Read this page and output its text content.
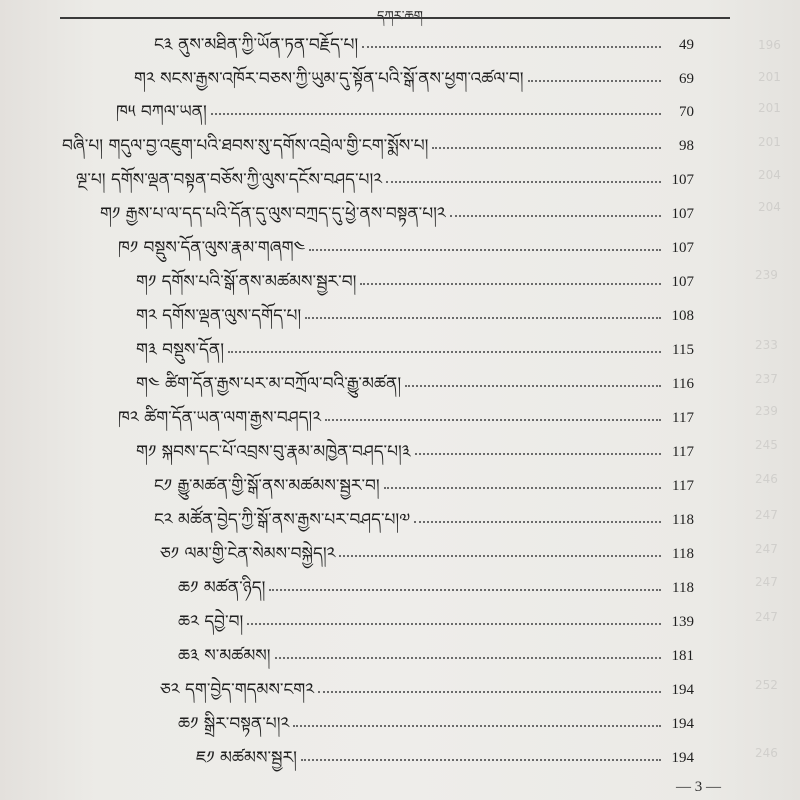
196
201
201
201
204
204
239
233
237
239
245
246
247
247
247
247
252
246
ང༣ ནུས་མཐིན་ཀྱི་ཡོན་ཏན་བརྗོད་པ།	49
ག༢ སངས་རྒྱས་འཁོར་བཅས་ཀྱི་ཡུམ་དུ་སྟོན་པའི་སྒོ་ནས་ཕྱག་འཚལ་བ།	69
ཁ༥ བཀལ་ཡན།	70
བཞི་པ། གདུལ་བྱ་འཇུག་པའི་ཐབས་སུ་དགོས་འབྲེལ་གྱི་ངག་སྨོས་པ།	98
ལྔ་པ། དགོས་ལྡན་བསྟན་བཅོས་ཀྱི་ལུས་དངོས་བཤད་པ།༢	107
ག༡ རྒྱས་པ་ལ་དད་པའི་དོན་དུ་ལུས་བཀྲད་དུ་ཕྱེ་ནས་བསྟན་པ།༢	107
ཁ༡ བསྡུས་དོན་ལུས་རྣམ་གཞག༤	107
ག༡ དགོས་པའི་སྒོ་ནས་མཚམས་སྦྱར་བ།	107
ག༢ དགོས་ལྡན་ལུས་དགོད་པ།	108
ག༣ བསྡུས་དོན།	115
ག༤ ཚིག་དོན་རྒྱས་པར་མ་བཀྲོལ་བའི་རྒྱུ་མཚན།	116
ཁ༢ ཚིག་དོན་ཡན་ལག་རྒྱས་བཤད།༢	117
ག༡ སྐབས་དང་པོ་འབྲས་བུ་རྣམ་མཁྱེན་བཤད་པ།༣	117
ང༡ རྒྱུ་མཚན་གྱི་སྒོ་ནས་མཚམས་སྦྱར་བ།	117
ང༢ མཚོན་བྱེད་ཀྱི་སྒོ་ནས་རྒྱས་པར་བཤད་པ།༧	118
ཅ༡ ལམ་གྱི་ངེན་སེམས་བསྐྱེད།༢	118
ཆ༡ མཚན་ཉིད།	118
ཆ༢ དབྱེ་བ།	139
ཆ༣ ས་མཚམས།	181
ཅ༢ དག་བྱེད་གདམས་ངག༢	194
ཆ༡ སྒྲིར་བསྟན་པ།༢	194
ཇ༡ མཚམས་སྦྱར།	194
— 3 —
